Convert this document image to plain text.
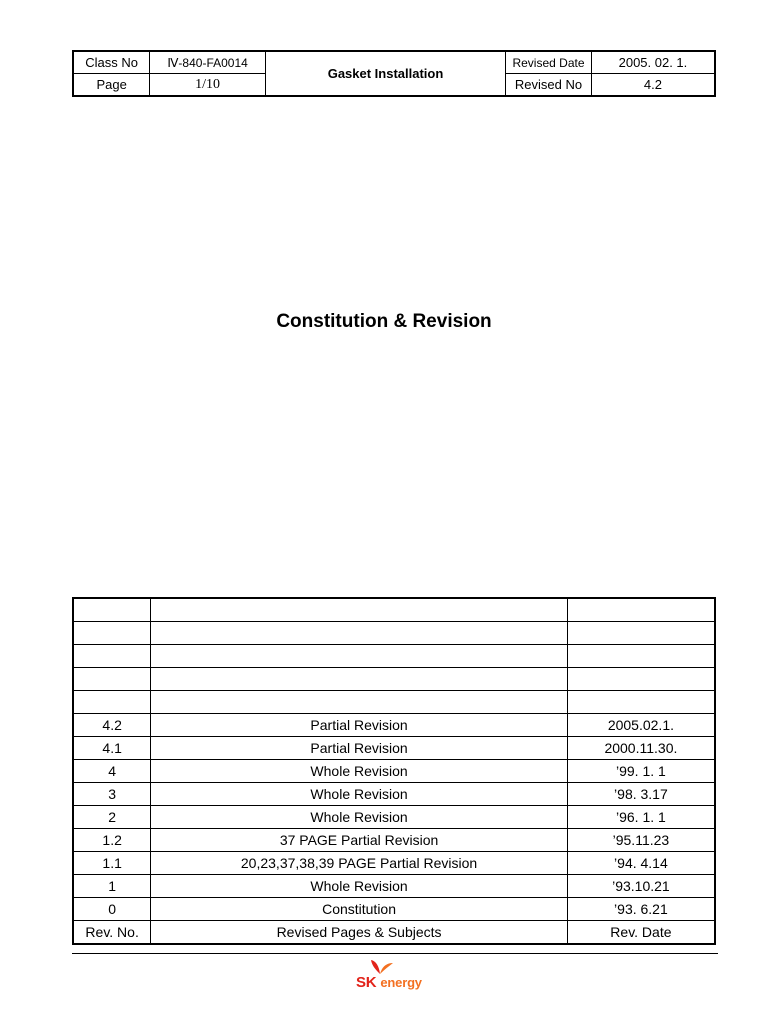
Class No	Ⅳ-840-FA0014	Gasket Installation	Revised Date	2005. 02. 1.
Page	1/10		Revised No	4.2
Constitution & Revision

4.2	Partial Revision	2005.02.1.
4.1	Partial Revision	2000.11.30.
4	Whole Revision	’99. 1. 1
3	Whole Revision	’98. 3.17
2	Whole Revision	’96. 1. 1
1.2	37 PAGE Partial Revision	’95.11.23
1.1	20,23,37,38,39 PAGE Partial Revision	’94. 4.14
1	Whole Revision	’93.10.21
0	Constitution	’93. 6.21
Rev. No.	Revised Pages & Subjects	Rev. Date
SK energy
